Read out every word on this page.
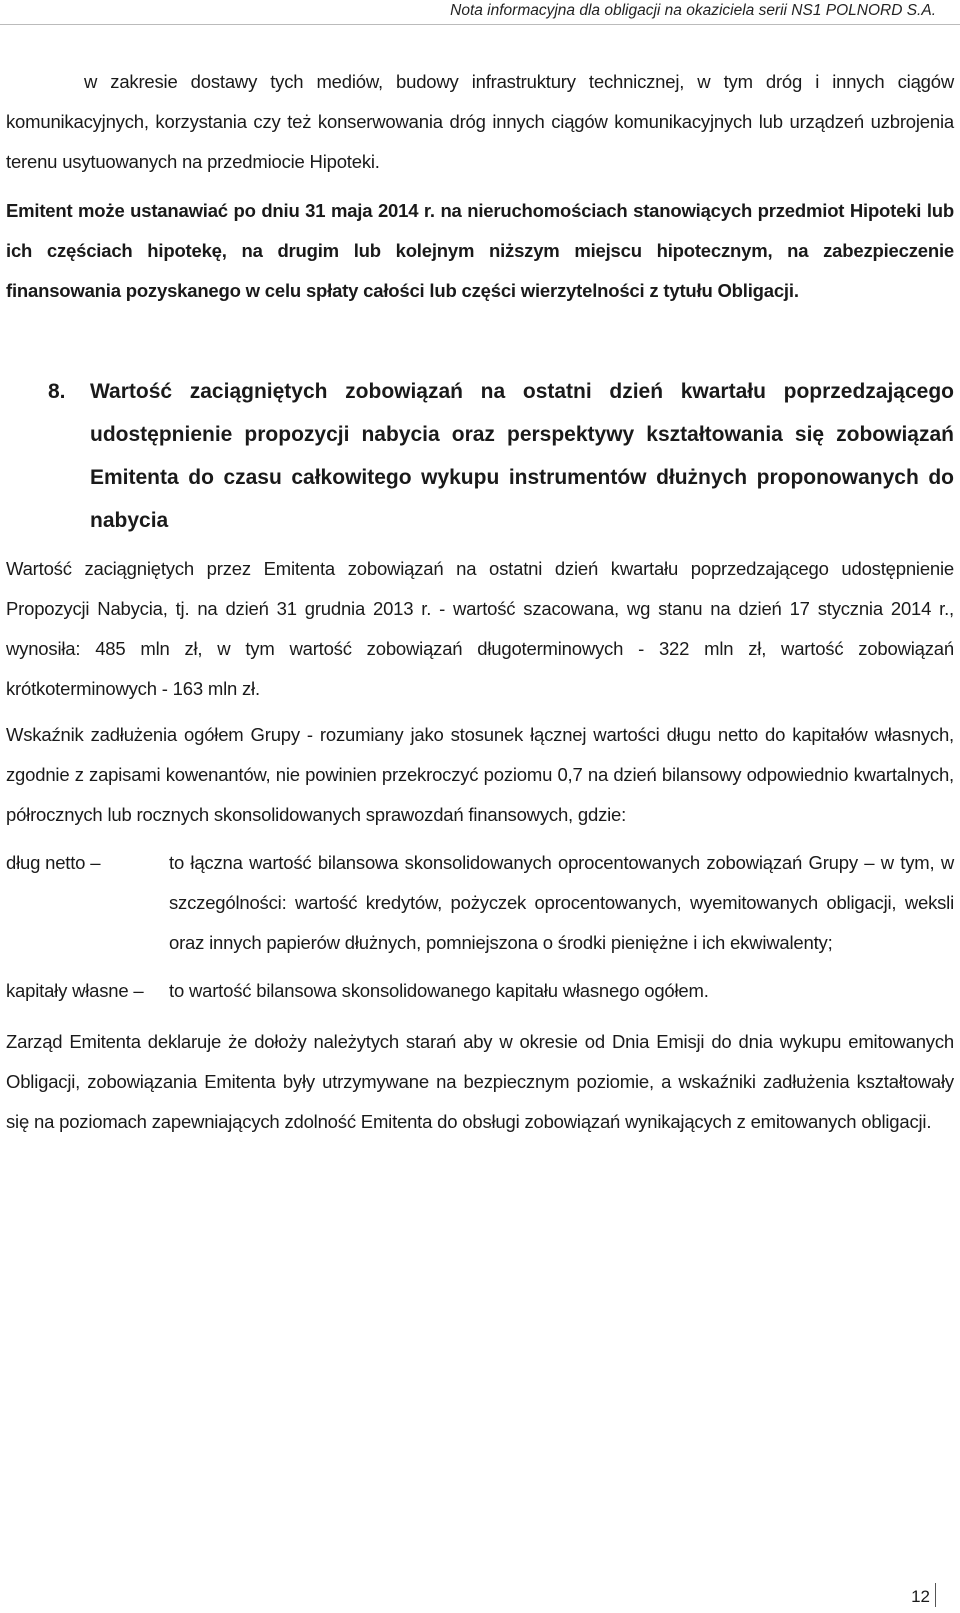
Nota informacyjna dla obligacji na okaziciela serii NS1 POLNORD S.A.
w zakresie dostawy tych mediów, budowy infrastruktury technicznej, w tym dróg i innych ciągów komunikacyjnych, korzystania czy też konserwowania dróg innych ciągów komunikacyjnych lub urządzeń uzbrojenia terenu usytuowanych na przedmiocie Hipoteki.
Emitent może ustanawiać po dniu 31 maja 2014 r. na nieruchomościach stanowiących przedmiot Hipoteki lub ich częściach hipotekę, na drugim lub kolejnym niższym miejscu hipotecznym, na zabezpieczenie finansowania pozyskanego w celu spłaty całości lub części wierzytelności z tytułu Obligacji.
8. Wartość zaciągniętych zobowiązań na ostatni dzień kwartału poprzedzającego udostępnienie propozycji nabycia oraz perspektywy kształtowania się zobowiązań Emitenta do czasu całkowitego wykupu instrumentów dłużnych proponowanych do nabycia
Wartość zaciągniętych przez Emitenta zobowiązań na ostatni dzień kwartału poprzedzającego udostępnienie Propozycji Nabycia, tj. na dzień 31 grudnia 2013 r. - wartość szacowana, wg stanu na dzień 17 stycznia 2014 r., wynosiła: 485 mln zł, w tym wartość zobowiązań długoterminowych - 322 mln zł, wartość zobowiązań krótkoterminowych - 163 mln zł.
Wskaźnik zadłużenia ogółem Grupy - rozumiany jako stosunek łącznej wartości długu netto do kapitałów własnych, zgodnie z zapisami kowenantów, nie powinien przekroczyć poziomu 0,7 na dzień bilansowy odpowiednio kwartalnych, półrocznych lub rocznych skonsolidowanych sprawozdań finansowych, gdzie:
dług netto –	to łączna wartość bilansowa skonsolidowanych oprocentowanych zobowiązań Grupy – w tym, w szczególności: wartość kredytów, pożyczek oprocentowanych, wyemitowanych obligacji, weksli oraz innych papierów dłużnych, pomniejszona o środki pieniężne i ich ekwiwalenty;
kapitały własne – to wartość bilansowa skonsolidowanego kapitału własnego ogółem.
Zarząd Emitenta deklaruje że dołoży należytych starań aby w okresie od Dnia Emisji do dnia wykupu emitowanych Obligacji, zobowiązania Emitenta były utrzymywane na bezpiecznym poziomie, a wskaźniki zadłużenia kształtowały się na poziomach zapewniających zdolność Emitenta do obsługi zobowiązań wynikających z emitowanych obligacji.
12
